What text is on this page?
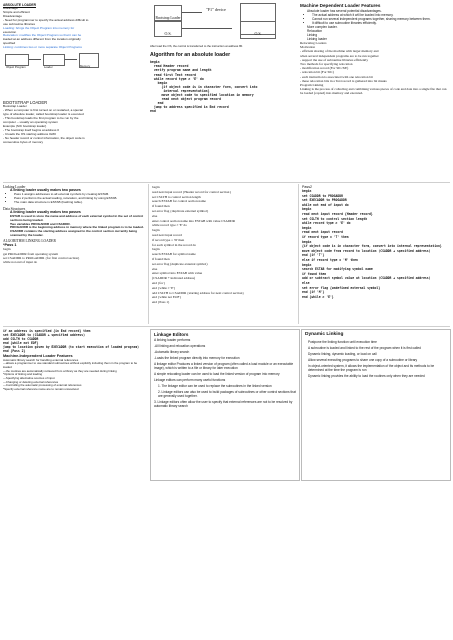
ABSOLUTE LOADER

Advantage

Simple and efficient

Disadvantage

- Need for programmer to specify the actual address difficult to

use subroutine libraries

Loading: brings the Object Program into memory for

execution

Relocation: modifies the Object Program so that it can be

loaded at an address different from the location originally

specified

Linking: combines two or more separate Object Programs

Object Program	Loader	Memory

BOOTSTRAP LOADER

Bootstrap Loader

- When a computer is first turned on or restarted, a special

type of absolute loader, called bootstrap loader is executed

- This bootstrap loads the first program to be run by the

computer -- usually an operating system

Example (SIC bootstrap loader)

- The bootstrap itself begins at address 0

- It loads the OS starting address 0x80

- No header record or control information, the object code is

consecutive bytes of memory

Bootstrap Loader
"F1" device
O.S.	O.S.

After load the OS, the control is transferred to the instruction at address 80.

Algorithm for an absolute loader

begin

read Header record

verify program name and length

read first Text record

while record type ≠ 'E' do

begin

{if object code is in character form, convert into

internal representation}

move object code to specified location in memory

read next object program record

end

jump to address specified in End record

end

Machine Dependent Loader Features

• Absolute loader has several potential disadvantages.
• The actual address at which it will be loaded into memory.
• Cannot run several independent programs together, sharing memory between them.
• It difficult to use subroutine libraries efficiently.
• More complex loader.
• Relocation
• Linking
• Linking loader

Relocating Loaders

Motivation

- efficient sharing of the machine with larger memory and

when several independent programs are to be run together

- support the use of subroutine libraries efficiently

Two methods for specifying relocation

- modification record (For SIC/XE)

- relocation bit (For SIC)

- each instruction is associated with one relocation bit

- these relocation bits in a Text record is gathered into bit masks

Program Linking

Linking is the process of collecting and combining various pieces of code and data into a single file that can be loaded (copied) into memory and executed.

Linking Loader

• A linking loader usually makes two passes
• Pass 1 assigns addresses to all external symbols by creating ESTAB.
• Pass 2 performs the actual loading, relocation, and linking by using ESTAB.
• The main data structure is ESTAB (hashing table).

Data Structures

• A linking loader usually makes two passes
• ESTAB is used to store the name and address of each external symbol in the set of control sections being loaded.
• Two variables PROGADDR and CSADDR.
• PROGADDR is the beginning address in memory where the linked program is to be loaded.
• CSADDR contains the starting address assigned to the control section currently being scanned by the loader.

ALGORITHM LINKING LOADER

*Pass 1

begin

get PROGADDR from operating system

set CSADDR to PROGADDR {for first control section}

while not end of input do

begin

read next input record {Header record for control section}

set CSLTH to control section length

search ESTAB for control section name

if found then

set error flag {duplicate external symbol}

else

enter control section name into ESTAB with value CSADDR

while record type ≠ 'E' do

begin

read next input record

if record type = 'D' then

for each symbol in the record do

begin

search ESTAB for symbol name

if found then

set error flag (duplicate external symbol)

else

enter symbol into ESTAB with value

(CSADDR + indicated address)

end {for}

end {while ≠ 'E'}

add CSLTH to CSADDR {starting address for next control section}

end {while not EOF}

end {Pass 1}

Pass2

begin

set CSADDR to PROGADDR

set EXECADDR to PROGADDR

while not end of input do

begin

read next input record {Header record}

set CSLTH to control section length

while record type ≠ 'E' do

begin

read next input record

if record type = 'T' then

begin

{if object code is in character form, convert into internal representation}

move object code from record to location (CSADDR + specified address)

end {if 'T'}

else if record type = 'M' then

begin

search ESTAB for modifying symbol name

if found then

add or subtract symbol value at location (CSADDR + specified address)

else

set error flag {undefined external symbol}

end {if 'M'}

end {while ≠ 'E'}

if an address is specified {in End record} then

set EXECADDR to (CSADDR + specified address)

add CSLTH to CSADDR

end {while not EOF}

jump to location given by EXECADDR (to start execution of loaded program)

end {Pass 2}

Machine-Independent Loader Features

Automatic library search for handling external references

—allows a programmer to use standard subroutines without explicitly including them in the program to be loaded

—the routines are automatically retrieved from a library as they are needed during linking

*Options of linking and loading

—Specifying alternative sources of input

—Changing or deleting external references

—Controlling the automatic processing of external references

*Specify external reference name are to remain unresolved

Linkage Editors

A linking loader performs

-All linking and relocation operations

-Automatic library search

-Loads the linked program directly into memory for execution

A linkage editor Produces a linked version of program (often called a load module or an executable image), which is written to a file or library for later execution

A simple relocating loader can be used to load the linked version of program into memory

Linkage editors can perform many useful functions

1. The linkage editor can be used to replace the subroutines in the linked version

2. Linkage editors can also be used to build packages of subroutines or other control sections that are generally used together.

3. Linkage editors often allow the user to specify that external references are not to be resolved by automatic library search

Dynamic Linking

Postpone the linking function until execution time

A subroutine is loaded and linked to the rest of the program when it is first called

Dynamic linking, dynamic loading, or load on call

Allow several executing programs to share one copy of a subroutine or library

In object-oriented system, it allows the implementation of the object and its methods to be determined at the time the program is run

Dynamic linking provides the ability to load the routines only when they are needed
